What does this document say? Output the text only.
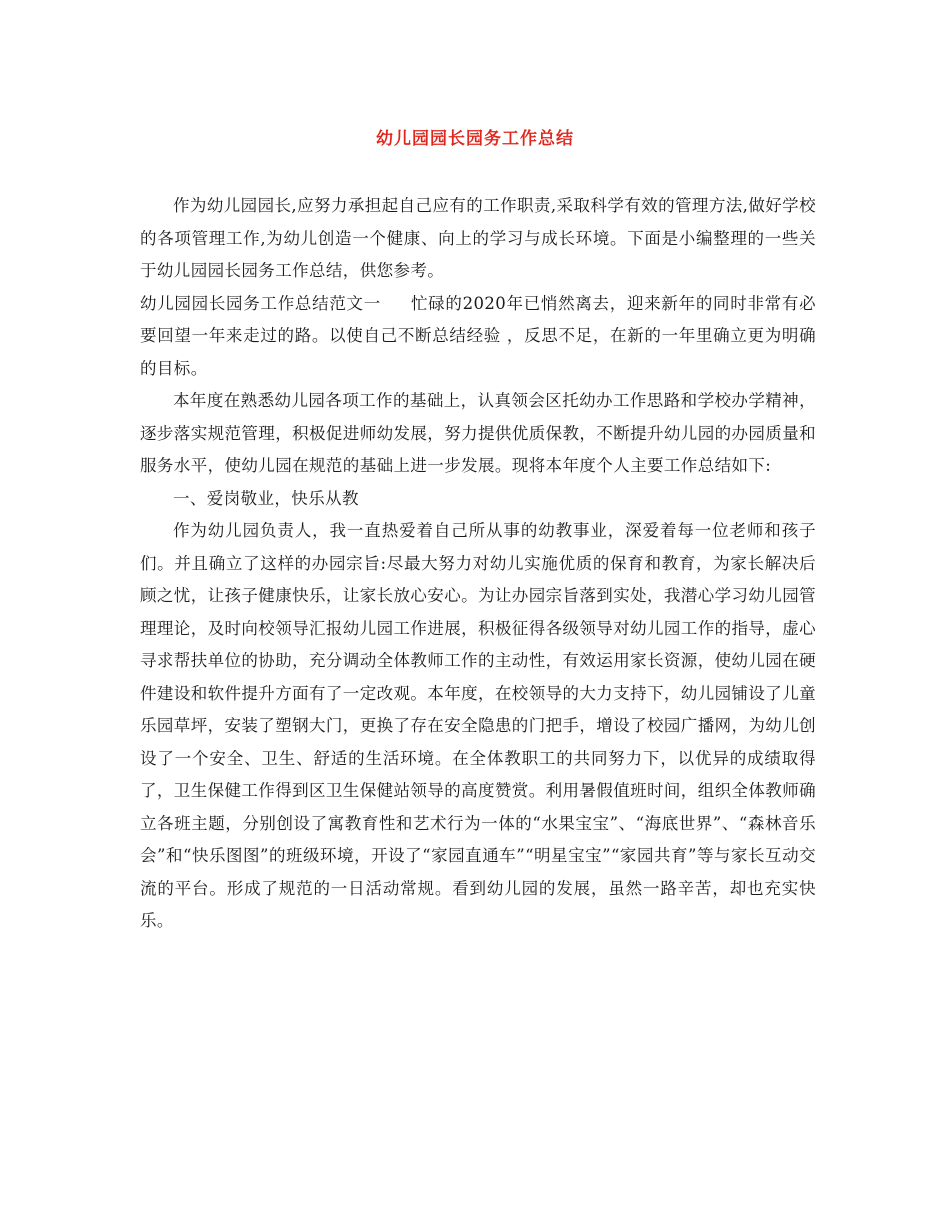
幼儿园园长园务工作总结

作为幼儿园园长,应努力承担起自己应有的工作职责,采取科学有效的管理方法,做好学校的各项管理工作,为幼儿创造一个健康、向上的学习与成长环境。下面是小编整理的一些关于幼儿园园长园务工作总结，供您参考。

幼儿园园长园务工作总结范文一 忙碌的2020年已悄然离去，迎来新年的同时非常有必要回望一年来走过的路。以使自己不断总结经验 ，反思不足，在新的一年里确立更为明确的目标。

本年度在熟悉幼儿园各项工作的基础上，认真领会区托幼办工作思路和学校办学精神，逐步落实规范管理，积极促进师幼发展，努力提供优质保教，不断提升幼儿园的办园质量和服务水平，使幼儿园在规范的基础上进一步发展。现将本年度个人主要工作总结如下:

一、爱岗敬业，快乐从教

作为幼儿园负责人，我一直热爱着自己所从事的幼教事业，深爱着每一位老师和孩子们。并且确立了这样的办园宗旨:尽最大努力对幼儿实施优质的保育和教育，为家长解决后顾之忧，让孩子健康快乐，让家长放心安心。为让办园宗旨落到实处，我潜心学习幼儿园管理理论，及时向校领导汇报幼儿园工作进展，积极征得各级领导对幼儿园工作的指导，虚心寻求帮扶单位的协助，充分调动全体教师工作的主动性，有效运用家长资源，使幼儿园在硬件建设和软件提升方面有了一定改观。本年度，在校领导的大力支持下，幼儿园铺设了儿童乐园草坪，安装了塑钢大门，更换了存在安全隐患的门把手，增设了校园广播网，为幼儿创设了一个安全、卫生、舒适的生活环境。在全体教职工的共同努力下，以优异的成绩取得了，卫生保健工作得到区卫生保健站领导的高度赞赏。利用暑假值班时间，组织全体教师确立各班主题，分别创设了寓教育性和艺术行为一体的“水果宝宝”、“海底世界”、“森林音乐会”和“快乐图图”的班级环境，开设了“家园直通车”“明星宝宝”“家园共育”等与家长互动交流的平台。形成了规范的一日活动常规。看到幼儿园的发展，虽然一路辛苦，却也充实快乐。
